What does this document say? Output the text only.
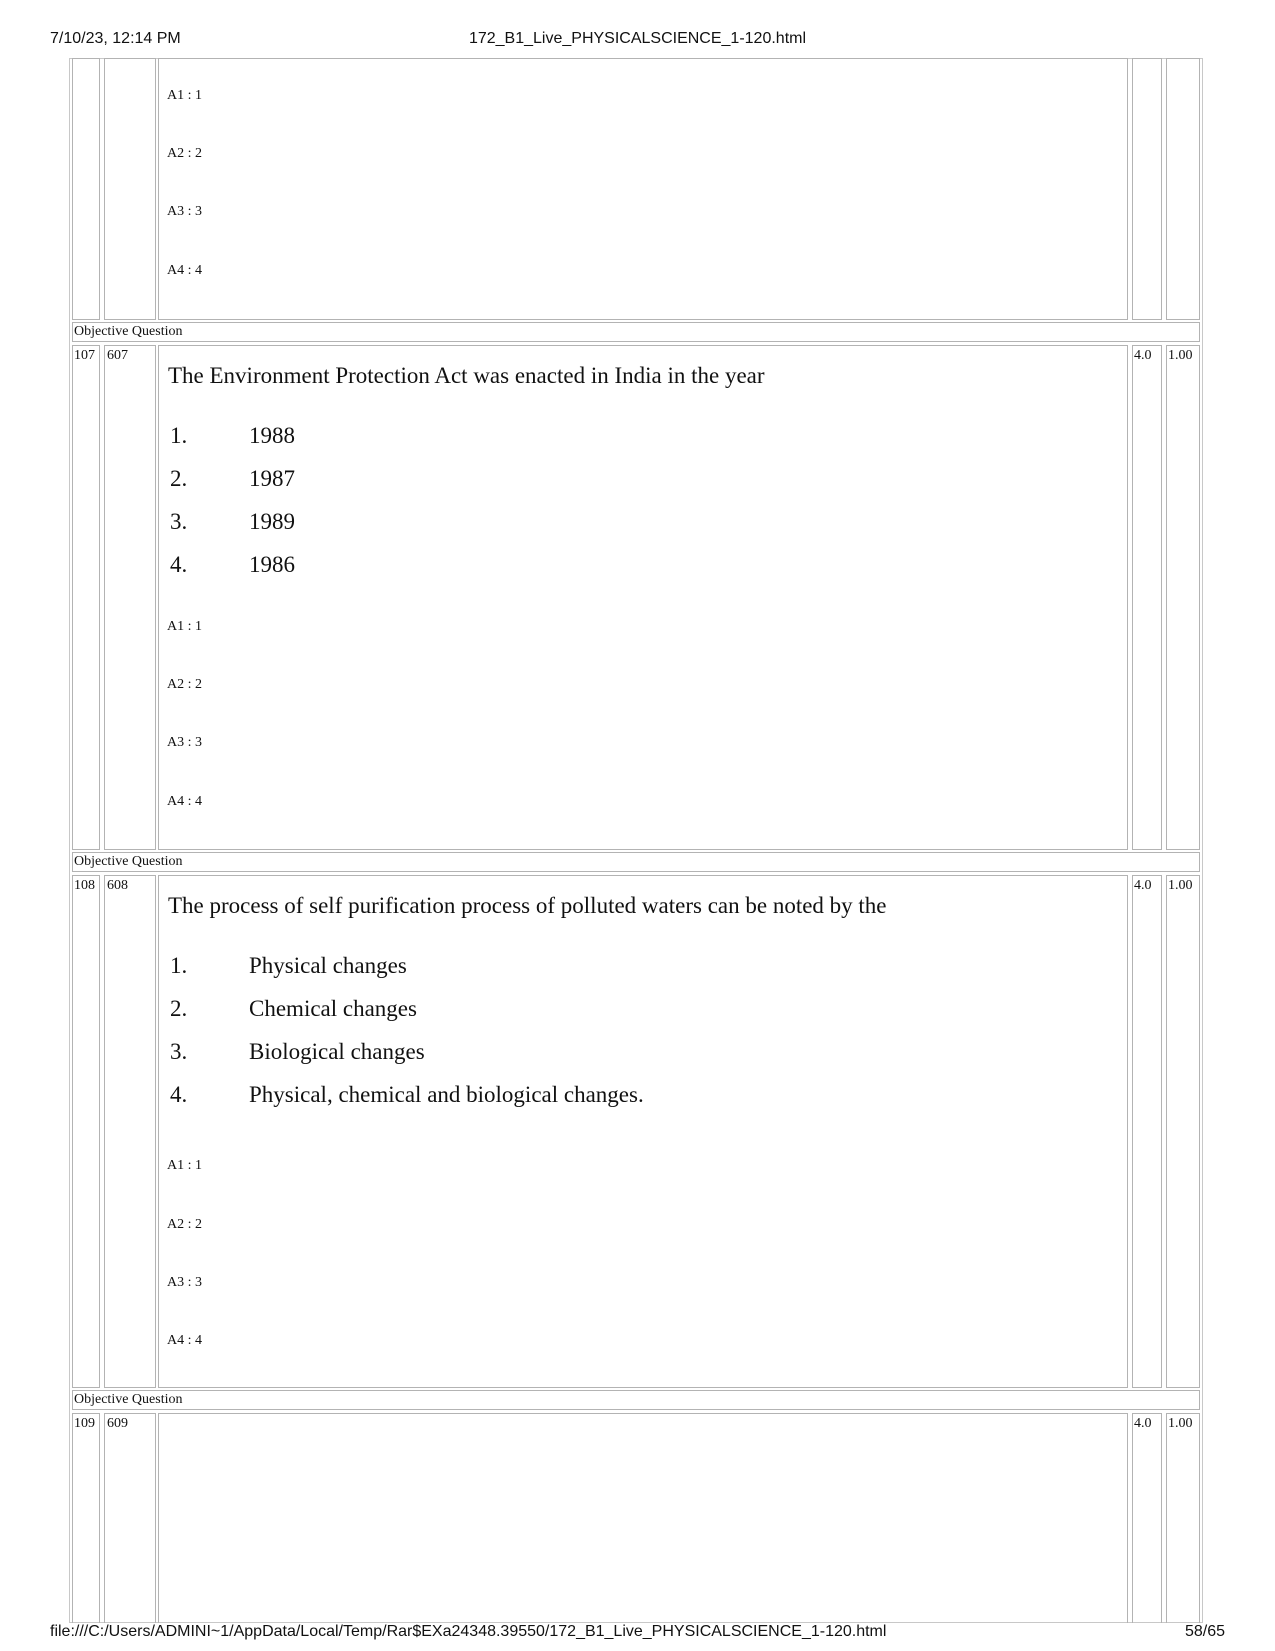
7/10/23, 12:14 PM	172_B1_Live_PHYSICALSCIENCE_1-120.html
A1 : 1
A2 : 2
A3 : 3
A4 : 4
Objective Question
107 607	4.0 1.00
The Environment Protection Act was enacted in India in the year
1.	1988
2.	1987
3.	1989
4.	1986
A1 : 1
A2 : 2
A3 : 3
A4 : 4
Objective Question
108 608	4.0 1.00
The process of self purification process of polluted waters can be noted by the
1.	Physical changes
2.	Chemical changes
3.	Biological changes
4.	Physical, chemical and biological changes.
A1 : 1
A2 : 2
A3 : 3
A4 : 4
Objective Question
109 609	4.0 1.00
file:///C:/Users/ADMINI~1/AppData/Local/Temp/Rar$EXa24348.39550/172_B1_Live_PHYSICALSCIENCE_1-120.html	58/65
